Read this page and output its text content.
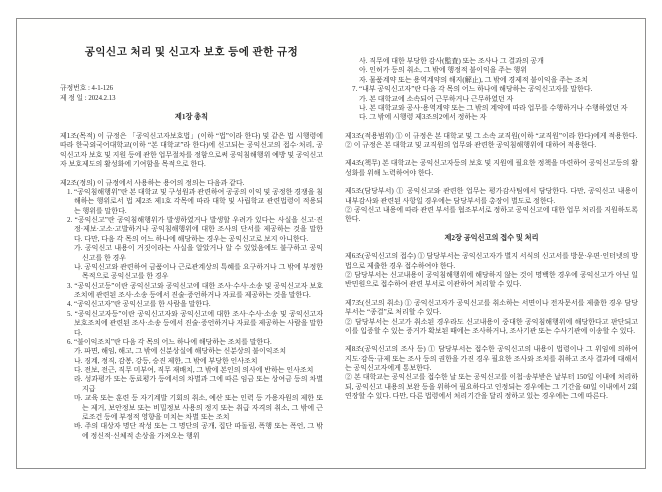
공익신고 처리 및 신고자 보호 등에 관한 규정
규정번호 : 4-1-126
제 정 일 : 2024.2.13
제1장 총칙
제1조(목적) 이 규정은 「공익신고자보호법」(이하 “법”이라 한다) 및 같은 법 시행령에 따라 한국외국어대학교(이하 “본 대학교”라 한다)에 신고되는 공익신고의 접수·처리, 공익신고자 보호 및 지원 등에 관한 업무절차를 정함으로써 공익침해행위 예방 및 공익신고자 보호제도의 활성화에 기여함을 목적으로 한다.
제2조(정의) 이 규정에서 사용하는 용어의 정의는 다음과 같다.
1. “공익침해행위”란 본 대학교 및 구성원과 관련하여 공공의 이익 및 공정한 경쟁을 침해하는 행위로서 법 제2조 제1호 각목에 따라 대학 및 사립학교 관련법령이 적용되는 행위를 말한다.
2. “공익신고”란 공익침해행위가 발생하였거나 발생할 우려가 있다는 사실을 신고·진정·제보·고소·고발하거나 공익침해행위에 대한 조사의 단서를 제공하는 것을 말한다. 다만, 다음 각 목의 어느 하나에 해당하는 경우는 공익신고로 보지 아니한다.
가. 공익신고 내용이 거짓이라는 사실을 알았거나 알 수 있었음에도 불구하고 공익신고를 한 경우
나. 공익신고와 관련하여 금품이나 근로관계상의 특혜를 요구하거나 그 밖에 부정한 목적으로 공익신고를 한 경우
3. “공익신고등”이란 공익신고와 공익신고에 대한 조사·수사·소송 및 공익신고자 보호조치에 관련된 조사·소송 등에서 진술·증언하거나 자료를 제공하는 것을 말한다.
4. “공익신고자”란 공익신고를 한 사람을 말한다.
5. “공익신고자등”이란 공익신고자와 공익신고에 대한 조사·수사·소송 및 공익신고자 보호조치에 관련된 조사·소송 등에서 진술·증언하거나 자료를 제공하는 사람을 말한다.
6. “불이익조치”란 다음 각 목의 어느 하나에 해당하는 조치를 말한다.
가. 파면, 해임, 해고, 그 밖에 신분상실에 해당하는 신분상의 불이익조치
나. 징계, 정직, 감봉, 강등, 승진 제한, 그 밖에 부당한 인사조치
다. 전보, 전근, 직무 미부여, 직무 재배치, 그 밖에 본인의 의사에 반하는 인사조치
라. 성과평가 또는 동료평가 등에서의 차별과 그에 따른 임금 또는 상여금 등의 차별 지급
마. 교육 또는 훈련 등 자기계발 기회의 취소, 예산 또는 인력 등 가용자원의 제한 또는 제거, 보안정보 또는 비밀정보 사용의 정지 또는 취급 자격의 취소, 그 밖에 근로조건 등에 부정적 영향을 미치는 차별 또는 조치
바. 주의 대상자 명단 작성 또는 그 명단의 공개, 집단 따돌림, 폭행 또는 폭언, 그 밖에 정신적·신체적 손상을 가져오는 행위
사. 직무에 대한 부당한 감사(監査) 또는 조사나 그 결과의 공개
아. 인허가 등의 취소, 그 밖에 행정적 불이익을 주는 행위
자. 물품계약 또는 용역계약의 해지(解止), 그 밖에 경제적 불이익을 주는 조치
7. “내부 공익신고자”란 다음 각 목의 어느 하나에 해당하는 공익신고자를 말한다.
가. 본 대학교에 소속되어 근무하거나 근무하였던 자
나. 본 대학교와 공사·용역계약 또는 그 밖의 계약에 따라 업무를 수행하거나 수행하였던 자
다. 그 밖에 시행령 제3조의2에서 정하는 자
제3조(적용범위) ① 이 규정은 본 대학교 및 그 소속 교직원(이하 “교직원”이라 한다)에게 적용한다.
② 이 규정은 본 대학교 및 교직원의 업무와 관련한 공익침해행위에 대하여 적용한다.
제4조(책무) 본 대학교는 공익신고자등의 보호 및 지원에 필요한 정책을 마련하여 공익신고등의 활성화를 위해 노력하여야 한다.
제5조(담당부서) ① 공익신고와 관련한 업무는 평가감사팀에서 담당한다. 다만, 공익신고 내용이 내부감사와 관련된 사항일 경우에는 담당부서를 총장이 별도로 정한다.
② 공익신고 내용에 따라 관련 부서를 협조부서로 정하고 공익신고에 대한 업무 처리를 지원하도록 한다.
제2장 공익신고의 접수 및 처리
제6조(공익신고의 접수) ① 담당부서는 공익신고자가 별지 서식의 신고서를 방문·우편·인터넷의 방법으로 제출한 경우 접수하여야 한다.
② 담당부서는 신고내용이 공익침해행위에 해당하지 않는 것이 명백한 경우에 공익신고가 아닌 일반민원으로 접수하여 관련 부서로 이관하여 처리할 수 있다.
제7조(신고의 취소) ① 공익신고자가 공익신고를 취소하는 서면이나 전자문서를 제출한 경우 담당부서는 “종결”로 처리할 수 있다.
② 담당부서는 신고가 취소된 경우라도 신고내용이 중대한 공익침해행위에 해당한다고 판단되고 이를 입증할 수 있는 증거가 확보된 때에는 조사하거나, 조사기관 또는 수사기관에 이송할 수 있다.
제8조(공익신고의 조사 등) ① 담당부서는 접수한 공익신고의 내용이 법령이나 그 위임에 의하여 지도·감독·규제 또는 조사 등의 권한을 가진 경우 필요한 조사와 조치를 취하고 조사 결과에 대해서는 공익신고자에게 통보한다.
② 본 대학교는 공익신고를 접수한 날 또는 공익신고를 이첩·송부받은 날부터 150일 이내에 처리하되, 공익신고 내용의 보완 등을 위하여 필요하다고 인정되는 경우에는 그 기간을 60일 이내에서 2회 연장할 수 있다. 다만, 다른 법령에서 처리기간을 달리 정하고 있는 경우에는 그에 따른다.
